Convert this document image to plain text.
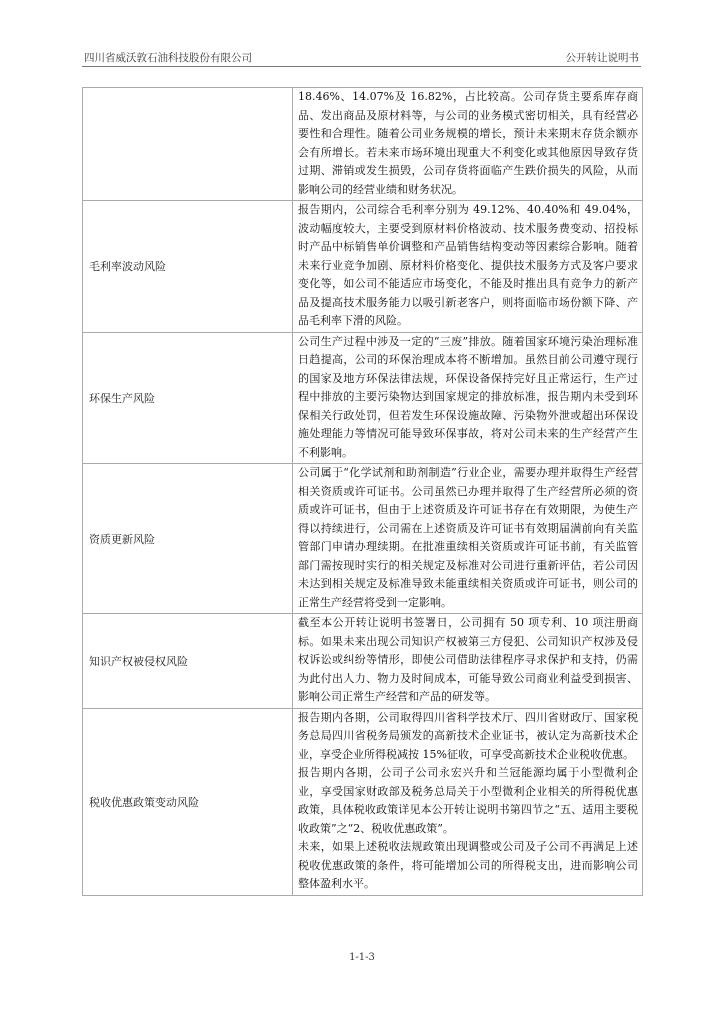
四川省威沃敦石油科技股份有限公司	公开转让说明书

	18.46%、14.07%及 16.82%，占比较高。公司存货主要系库存商品、发出商品及原材料等，与公司的业务模式密切相关，具有经营必要性和合理性。随着公司业务规模的增长，预计未来期末存货余额亦会有所增长。若未来市场环境出现重大不利变化或其他原因导致存货过期、滞销或发生损毁，公司存货将面临产生跌价损失的风险，从而影响公司的经营业绩和财务状况。

毛利率波动风险	报告期内，公司综合毛利率分别为 49.12%、40.40%和 49.04%，波动幅度较大，主要受到原材料价格波动、技术服务费变动、招投标时产品中标销售单价调整和产品销售结构变动等因素综合影响。随着未来行业竞争加剧、原材料价格变化、提供技术服务方式及客户要求变化等，如公司不能适应市场变化，不能及时推出具有竞争力的新产品及提高技术服务能力以吸引新老客户，则将面临市场份额下降、产品毛利率下滑的风险。

环保生产风险	公司生产过程中涉及一定的“三废”排放。随着国家环境污染治理标准日趋提高，公司的环保治理成本将不断增加。虽然目前公司遵守现行的国家及地方环保法律法规，环保设备保持完好且正常运行，生产过程中排放的主要污染物达到国家规定的排放标准，报告期内未受到环保相关行政处罚，但若发生环保设施故障、污染物外泄或超出环保设施处理能力等情况可能导致环保事故，将对公司未来的生产经营产生不利影响。

资质更新风险	公司属于“化学试剂和助剂制造”行业企业，需要办理并取得生产经营相关资质或许可证书。公司虽然已办理并取得了生产经营所必须的资质或许可证书，但由于上述资质及许可证书存在有效期限，为使生产得以持续进行，公司需在上述资质及许可证书有效期届满前向有关监管部门申请办理续期。在批准重续相关资质或许可证书前，有关监管部门需按现时实行的相关规定及标准对公司进行重新评估，若公司因未达到相关规定及标准导致未能重续相关资质或许可证书，则公司的正常生产经营将受到一定影响。

知识产权被侵权风险	截至本公开转让说明书签署日，公司拥有 50 项专利、10 项注册商标。如果未来出现公司知识产权被第三方侵犯、公司知识产权涉及侵权诉讼或纠纷等情形，即使公司借助法律程序寻求保护和支持，仍需为此付出人力、物力及时间成本，可能导致公司商业利益受到损害、影响公司正常生产经营和产品的研发等。

税收优惠政策变动风险	报告期内各期，公司取得四川省科学技术厅、四川省财政厅、国家税务总局四川省税务局颁发的高新技术企业证书，被认定为高新技术企业，享受企业所得税减按 15%征收，可享受高新技术企业税收优惠。

报告期内各期，公司子公司永宏兴升和兰冠能源均属于小型微利企业，享受国家财政部及税务总局关于小型微利企业相关的所得税优惠政策，具体税收政策详见本公开转让说明书第四节之“五、适用主要税收政策”之“2、税收优惠政策”。

未来，如果上述税收法规政策出现调整或公司及子公司不再满足上述税收优惠政策的条件，将可能增加公司的所得税支出，进而影响公司整体盈利水平。

1-1-3
